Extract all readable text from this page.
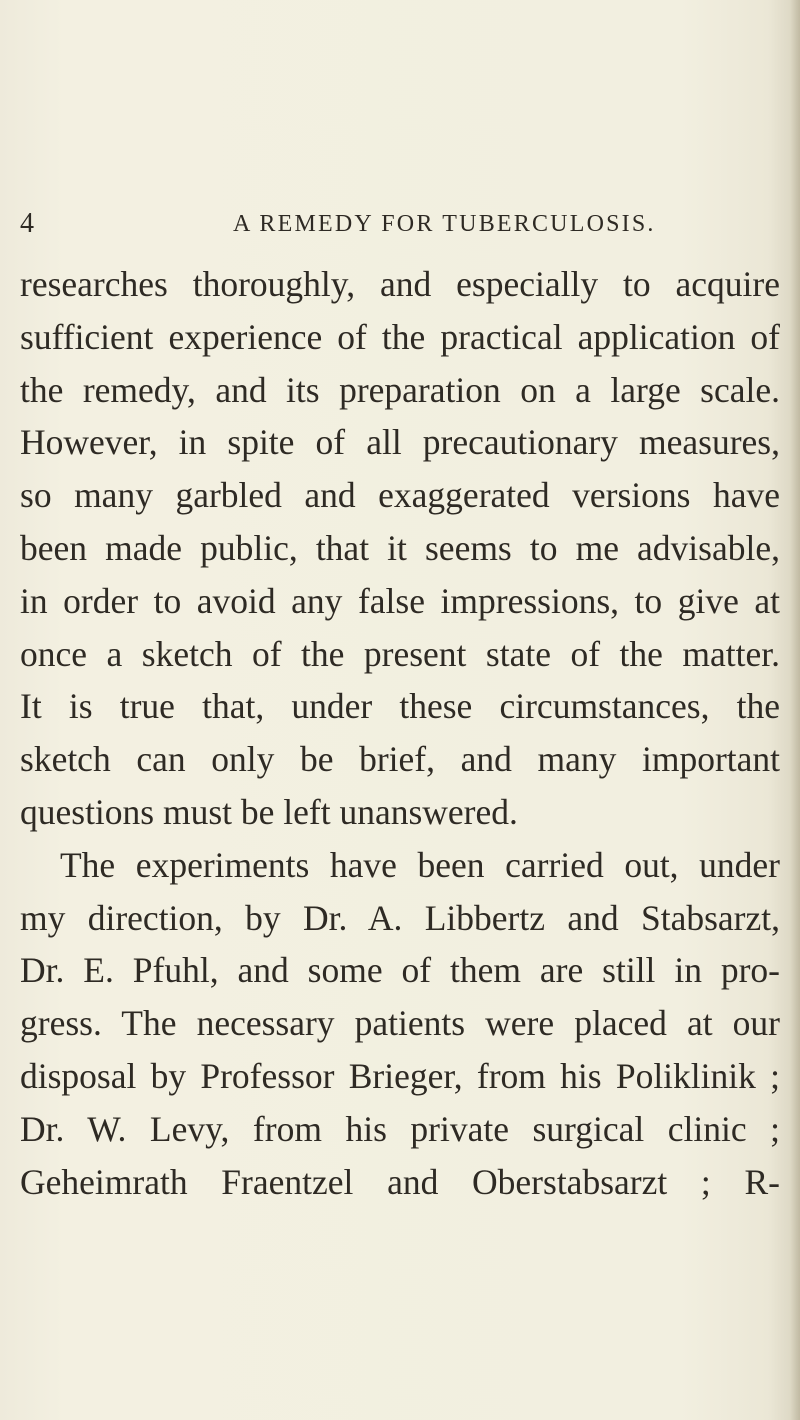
4	A REMEDY FOR TUBERCULOSIS.
researches thoroughly, and especially to acquire
sufficient experience of the practical application of
the remedy, and its preparation on a large scale.
However, in spite of all precautionary measures,
so many garbled and exaggerated versions have
been made public, that it seems to me advisable,
in order to avoid any false impressions, to give at
once a sketch of the present state of the matter.
It is true that, under these circumstances, the
sketch can only be brief, and many important
questions must be left unanswered.
The experiments have been carried out, under
my direction, by Dr. A. Libbertz and Stabsarzt,
Dr. E. Pfuhl, and some of them are still in pro-
gress. The necessary patients were placed at our
disposal by Professor Brieger, from his Poliklinik ;
Dr. W. Levy, from his private surgical clinic ;
Geheimrath Fraentzel and Oberstabsarzt ; R-
